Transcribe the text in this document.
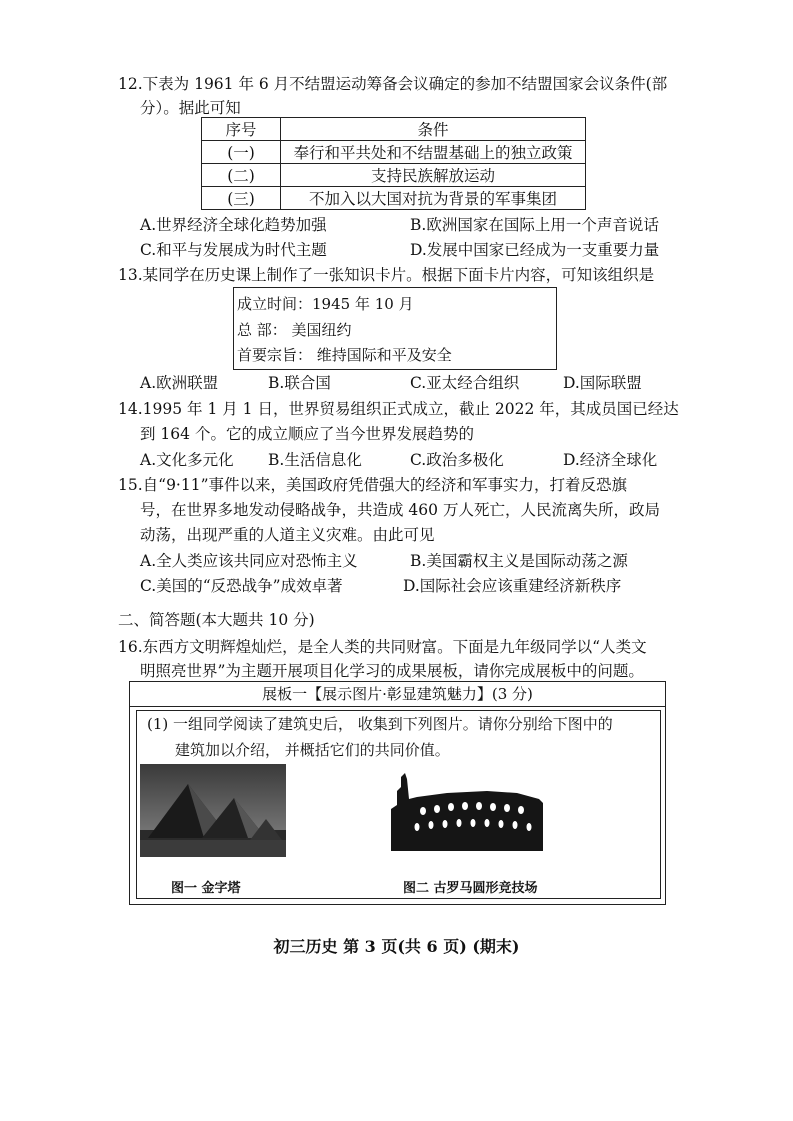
12.下表为 1961 年 6 月不结盟运动筹备会议确定的参加不结盟国家会议条件(部
分）。据此可知
序号	条件
(一)	奉行和平共处和不结盟基础上的独立政策
(二)	支持民族解放运动
(三)	不加入以大国对抗为背景的军事集团
A.世界经济全球化趋势加强	B.欧洲国家在国际上用一个声音说话
C.和平与发展成为时代主题	D.发展中国家已经成为一支重要力量
13.某同学在历史课上制作了一张知识卡片。根据下面卡片内容，可知该组织是
成立时间：1945 年 10 月
总 部： 美国纽约
首要宗旨： 维持国际和平及安全
A.欧洲联盟	B.联合国	C.亚太经合组织	D.国际联盟
14.1995 年 1 月 1 日，世界贸易组织正式成立，截止 2022 年，其成员国已经达
到 164 个。它的成立顺应了当今世界发展趋势的
A.文化多元化 B.生活信息化	C.政治多极化	D.经济全球化
15.自“9·11”事件以来，美国政府凭借强大的经济和军事实力，打着反恐旗
号，在世界多地发动侵略战争，共造成 460 万人死亡，人民流离失所，政局
动荡，出现严重的人道主义灾难。由此可见
A.全人类应该共同应对恐怖主义	B.美国霸权主义是国际动荡之源
C.美国的“反恐战争”成效卓著	D.国际社会应该重建经济新秩序
二、简答题(本大题共 10 分)
16.东西方文明辉煌灿烂，是全人类的共同财富。下面是九年级同学以“人类文
明照亮世界”为主题开展项目化学习的成果展板，请你完成展板中的问题。
展板一【展示图片·彰显建筑魅力】(3 分)
(1) 一组同学阅读了建筑史后， 收集到下列图片。请你分别给下图中的
建筑加以介绍， 并概括它们的共同价值。
图一 金字塔	图二 古罗马圆形竞技场
初三历史 第 3 页(共 6 页) (期末)
